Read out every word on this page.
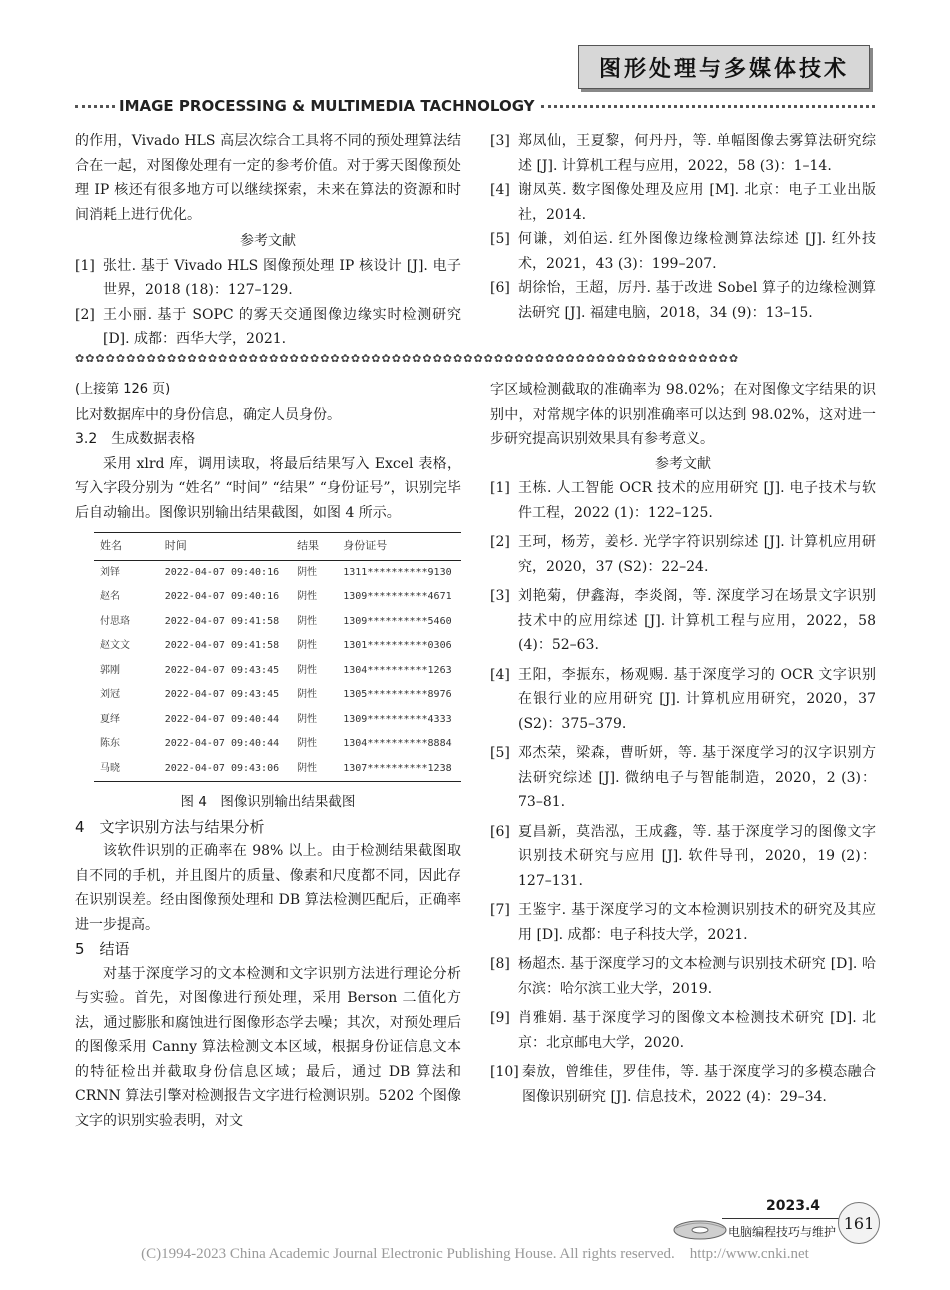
图形处理与多媒体技术
IMAGE PROCESSING & MULTIMEDIA TACHNOLOGY

的作用，Vivado HLS 高层次综合工具将不同的预处理算法结合在一起，对图像处理有一定的参考价值。对于雾天图像预处理 IP 核还有很多地方可以继续探索，未来在算法的资源和时间消耗上进行优化。

参考文献

[1] 张壮. 基于 Vivado HLS 图像预处理 IP 核设计 [J]. 电子世界，2018 (18)：127–129.
[2] 王小丽. 基于 SOPC 的雾天交通图像边缘实时检测研究 [D]. 成都：西华大学，2021.
[3] 郑凤仙，王夏黎，何丹丹，等. 单幅图像去雾算法研究综述 [J]. 计算机工程与应用，2022，58 (3)：1–14.
[4] 谢凤英. 数字图像处理及应用 [M]. 北京：电子工业出版社，2014.
[5] 何谦，刘伯运. 红外图像边缘检测算法综述 [J]. 红外技术，2021，43 (3)：199–207.
[6] 胡徐怡，王超，厉丹. 基于改进 Sobel 算子的边缘检测算法研究 [J]. 福建电脑，2018，34 (9)：13–15.
✿✿✿✿✿✿✿✿✿✿✿✿✿✿✿✿✿✿✿✿✿✿✿✿✿✿✿✿✿✿✿✿✿✿✿✿✿✿✿✿✿✿✿✿✿✿✿✿✿✿✿✿✿✿✿✿✿✿✿✿✿✿✿✿✿

(上接第 126 页)

比对数据库中的身份信息，确定人员身份。

3.2　生成数据表格

采用 xlrd 库，调用读取，将最后结果写入 Excel 表格，写入字段分别为 “姓名” “时间” “结果” “身份证号”，识别完毕后自动输出。图像识别输出结果截图，如图 4 所示。

姓名	时间	结果	身份证号
刘铎	2022-04-07 09:40:16	阴性	1311**********9130
赵名	2022-04-07 09:40:16	阴性	1309**********4671
付思珞	2022-04-07 09:41:58	阴性	1309**********5460
赵文文	2022-04-07 09:41:58	阴性	1301**********0306
郭刚	2022-04-07 09:43:45	阴性	1304**********1263
刘冠	2022-04-07 09:43:45	阴性	1305**********8976
夏绎	2022-04-07 09:40:44	阴性	1309**********4333
陈东	2022-04-07 09:40:44	阴性	1304**********8884
马晓	2022-04-07 09:43:06	阴性	1307**********1238

图 4　图像识别输出结果截图

4　文字识别方法与结果分析

该软件识别的正确率在 98% 以上。由于检测结果截图取自不同的手机，并且图片的质量、像素和尺度都不同，因此存在识别误差。经由图像预处理和 DB 算法检测匹配后，正确率进一步提高。

5　结语

对基于深度学习的文本检测和文字识别方法进行理论分析与实验。首先，对图像进行预处理，采用 Berson 二值化方法，通过膨胀和腐蚀进行图像形态学去噪；其次，对预处理后的图像采用 Canny 算法检测文本区域，根据身份证信息文本的特征检出并截取身份信息区域；最后，通过 DB 算法和 CRNN 算法引擎对检测报告文字进行检测识别。5202 个图像文字的识别实验表明，对文

字区域检测截取的准确率为 98.02%；在对图像文字结果的识别中，对常规字体的识别准确率可以达到 98.02%，这对进一步研究提高识别效果具有参考意义。

参考文献

[1] 王栋. 人工智能 OCR 技术的应用研究 [J]. 电子技术与软件工程，2022 (1)：122–125.
[2] 王珂，杨芳，姜杉. 光学字符识别综述 [J]. 计算机应用研究，2020，37 (S2)：22–24.
[3] 刘艳菊，伊鑫海，李炎阁，等. 深度学习在场景文字识别技术中的应用综述 [J]. 计算机工程与应用，2022，58 (4)：52–63.
[4] 王阳，李振东，杨观赐. 基于深度学习的 OCR 文字识别在银行业的应用研究 [J]. 计算机应用研究，2020，37 (S2)：375–379.
[5] 邓杰荣，梁森，曹昕妍，等. 基于深度学习的汉字识别方法研究综述 [J]. 微纳电子与智能制造，2020，2 (3)：73–81.
[6] 夏昌新，莫浩泓，王成鑫，等. 基于深度学习的图像文字识别技术研究与应用 [J]. 软件导刊，2020，19 (2)：127–131.
[7] 王鉴宇. 基于深度学习的文本检测识别技术的研究及其应用 [D]. 成都：电子科技大学，2021.
[8] 杨超杰. 基于深度学习的文本检测与识别技术研究 [D]. 哈尔滨：哈尔滨工业大学，2019.
[9] 肖雅娟. 基于深度学习的图像文本检测技术研究 [D]. 北京：北京邮电大学，2020.
[10] 秦放，曾维佳，罗佳伟，等. 基于深度学习的多模态融合图像识别研究 [J]. 信息技术，2022 (4)：29–34.
2023.4
电脑编程技巧与维护 161
(C)1994-2023 China Academic Journal Electronic Publishing House. All rights reserved.　http://www.cnki.net
